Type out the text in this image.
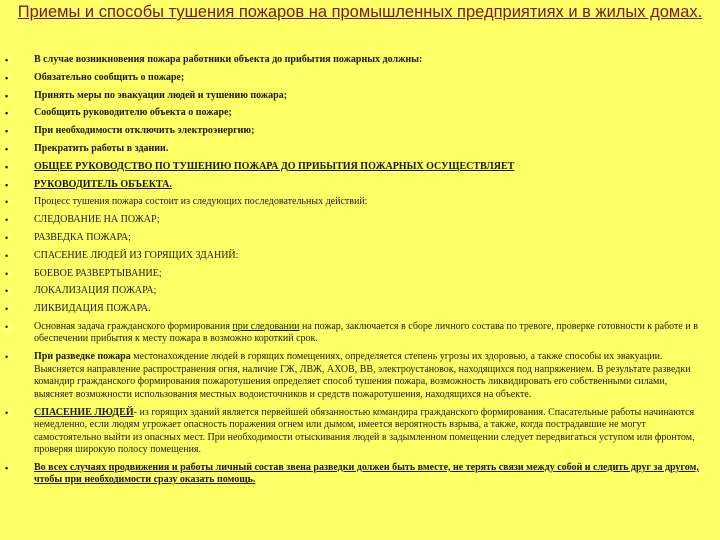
Приемы и способы тушения пожаров на промышленных предприятиях и в жилых домах.
• В случае возникновения пожара работники объекта до прибытия пожарных должны:
• Обязательно сообщить о пожаре;
• Принять меры по эвакуации людей и тушению пожара;
• Сообщить руководителю объекта о пожаре;
• При необходимости отключить электроэнергию;
• Прекратить работы в здании.
• ОБЩЕЕ РУКОВОДСТВО ПО ТУШЕНИЮ ПОЖАРА ДО ПРИБЫТИЯ ПОЖАРНЫХ ОСУЩЕСТВЛЯЕТ
• РУКОВОДИТЕЛЬ ОБЪЕКТА.
• Процесс тушения пожара состоит из следующих последовательных действий:
• СЛЕДОВАНИЕ НА ПОЖАР;
• РАЗВЕДКА ПОЖАРА;
• СПАСЕНИЕ ЛЮДЕЙ ИЗ ГОРЯЩИХ ЗДАНИЙ:
• БОЕВОЕ РАЗВЕРТЫВАНИЕ;
• ЛОКАЛИЗАЦИЯ ПОЖАРА;
• ЛИКВИДАЦИЯ ПОЖАРА.
• Основная задача гражданского формирования при следовании на пожар, заключается в сборе личного состава по тревоге, проверке готовности к работе и в обеспечении прибытия к месту пожара в возможно короткий срок.
• При разведке пожара местонахождение людей в горящих помещениях, определяется степень угрозы их здоровью, а также способы их эвакуации. Выясняется направление распространения огня, наличие ГЖ, ЛВЖ, АХОВ, ВВ, электроустановок, находящихся под напряжением. В результате разведки командир гражданского формирования пожаротушения определяет способ тушения пожара, возможность ликвидировать его собственными силами, выясняет возможности использования местных водоисточников и средств пожаротушения, находящихся на объекте.
• СПАСЕНИЕ ЛЮДЕЙ- из горящих зданий является первейшей обязанностью командира гражданского формирования. Спасательные работы начинаются немедленно, если людям угрожает опасность поражения огнем или дымом, имеется вероятность взрыва, а также, когда пострадавшие не могут самостоятельно выйти из опасных мест. При необходимости отыскивания людей в задымленном помещении следует передвигаться уступом или фронтом, проверяя широкую полосу помещения.
• Во всех случаях продвижения и работы личный состав звена разведки должен быть вместе, не терять связи между собой и следить друг за другом, чтобы при необходимости сразу оказать помощь.
